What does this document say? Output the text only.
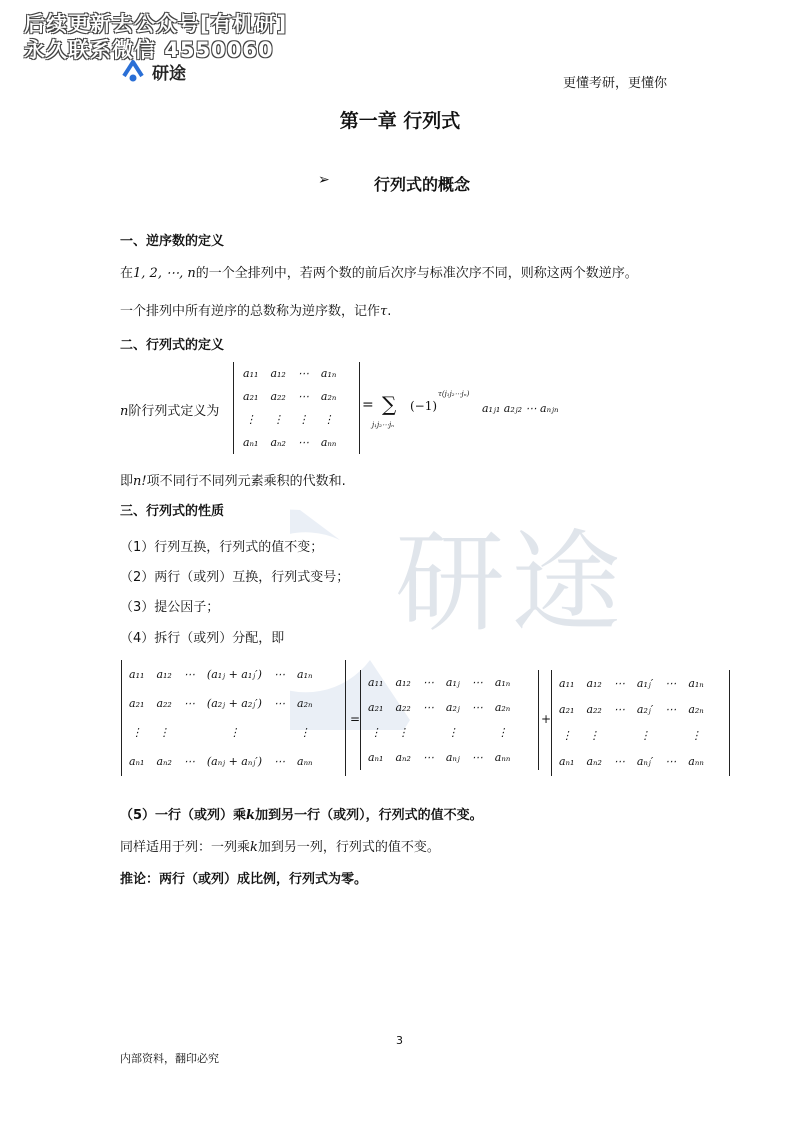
后续更新去公众号[有机研]
永久联系微信 4550060
研途
研途	更懂考研，更懂你
第一章 行列式
➢	行列式的概念
一、逆序数的定义
在1, 2, ⋯, n的一个全排列中，若两个数的前后次序与标准次序不同，则称这两个数逆序。
一个排列中所有逆序的总数称为逆序数，记作τ.
二、行列式的定义
n阶行列式定义为
a₁₁	a₁₂	⋯	a₁ₙ
a₂₁	a₂₂	⋯	a₂ₙ
⋮	⋮	⋮	⋮
aₙ₁	aₙ₂	⋯	aₙₙ
= ∑
j₁j₂⋯jₙ
(−1)
τ(j₁j₂⋯jₙ)
a₁ⱼ₁ a₂ⱼ₂ ⋯ aₙⱼₙ
即n!项不同行不同列元素乘积的代数和.
三、行列式的性质
（1）行列互换，行列式的值不变；
（2）两行（或列）互换，行列式变号；
（3）提公因子；
（4）拆行（或列）分配，即
a₁₁	a₁₂	⋯	(a₁ⱼ + a₁ⱼ′)	⋯	a₁ₙ
a₂₁	a₂₂	⋯	(a₂ⱼ + a₂ⱼ′)	⋯	a₂ₙ
⋮	⋮		⋮		⋮
aₙ₁	aₙ₂	⋯	(aₙⱼ + aₙⱼ′)	⋯	aₙₙ
=
a₁₁	a₁₂	⋯	a₁ⱼ	⋯	a₁ₙ
a₂₁	a₂₂	⋯	a₂ⱼ	⋯	a₂ₙ
⋮	⋮		⋮		⋮
aₙ₁	aₙ₂	⋯	aₙⱼ	⋯	aₙₙ
+
a₁₁	a₁₂	⋯	a₁ⱼ′	⋯	a₁ₙ
a₂₁	a₂₂	⋯	a₂ⱼ′	⋯	a₂ₙ
⋮	⋮		⋮		⋮
aₙ₁	aₙ₂	⋯	aₙⱼ′	⋯	aₙₙ
（5）一行（或列）乘k加到另一行（或列），行列式的值不变。
同样适用于列：一列乘k加到另一列，行列式的值不变。
推论：两行（或列）成比例，行列式为零。
3
内部资料，翻印必究
